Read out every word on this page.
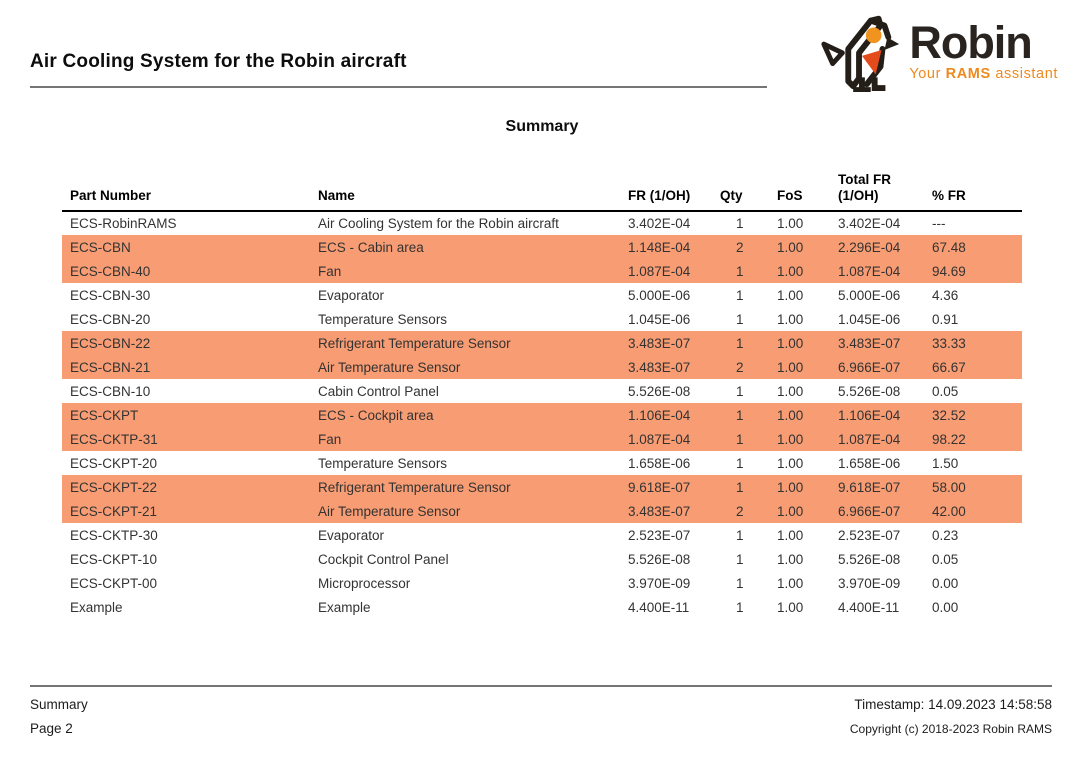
Air Cooling System for the Robin aircraft	Robin
Your RAMS assistant
Summary
Part Number	Name	FR (1/OH)	Qty	FoS	Total FR (1/OH)	% FR
ECS-RobinRAMS	Air Cooling System for the Robin aircraft	3.402E-04	1	1.00	3.402E-04	---
ECS-CBN	ECS - Cabin area	1.148E-04	2	1.00	2.296E-04	67.48
ECS-CBN-40	Fan	1.087E-04	1	1.00	1.087E-04	94.69
ECS-CBN-30	Evaporator	5.000E-06	1	1.00	5.000E-06	4.36
ECS-CBN-20	Temperature Sensors	1.045E-06	1	1.00	1.045E-06	0.91
ECS-CBN-22	Refrigerant Temperature Sensor	3.483E-07	1	1.00	3.483E-07	33.33
ECS-CBN-21	Air Temperature Sensor	3.483E-07	2	1.00	6.966E-07	66.67
ECS-CBN-10	Cabin Control Panel	5.526E-08	1	1.00	5.526E-08	0.05
ECS-CKPT	ECS - Cockpit area	1.106E-04	1	1.00	1.106E-04	32.52
ECS-CKTP-31	Fan	1.087E-04	1	1.00	1.087E-04	98.22
ECS-CKPT-20	Temperature Sensors	1.658E-06	1	1.00	1.658E-06	1.50
ECS-CKPT-22	Refrigerant Temperature Sensor	9.618E-07	1	1.00	9.618E-07	58.00
ECS-CKPT-21	Air Temperature Sensor	3.483E-07	2	1.00	6.966E-07	42.00
ECS-CKTP-30	Evaporator	2.523E-07	1	1.00	2.523E-07	0.23
ECS-CKPT-10	Cockpit Control Panel	5.526E-08	1	1.00	5.526E-08	0.05
ECS-CKPT-00	Microprocessor	3.970E-09	1	1.00	3.970E-09	0.00
Example	Example	4.400E-11	1	1.00	4.400E-11	0.00
Summary
Page 2
Timestamp: 14.09.2023 14:58:58
Copyright (c) 2018-2023 Robin RAMS
